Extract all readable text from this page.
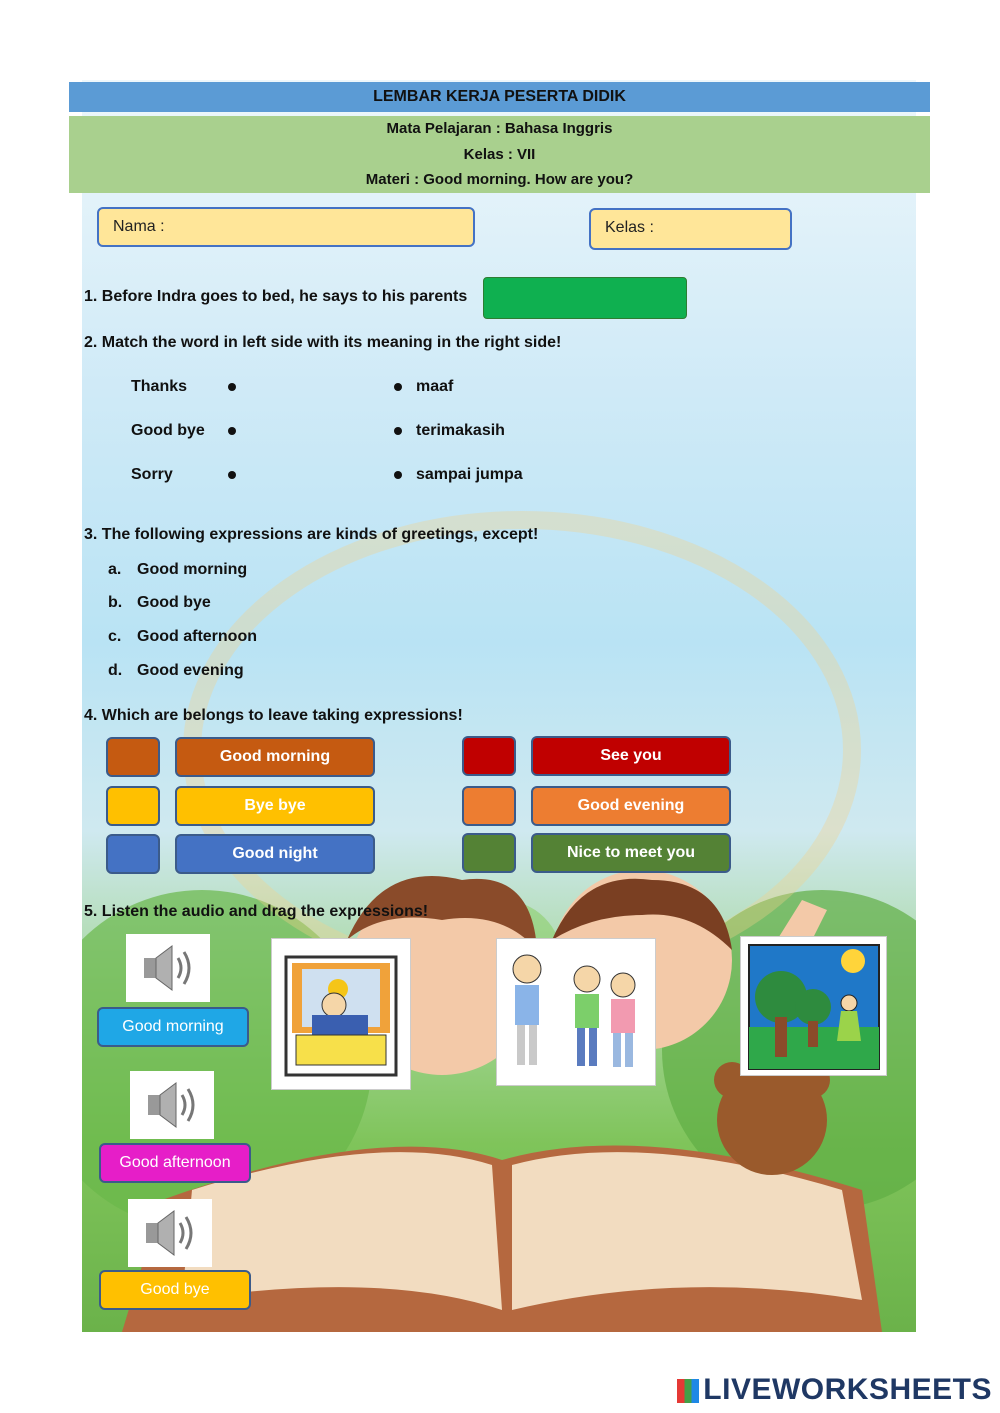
LEMBAR KERJA PESERTA DIDIK
Mata Pelajaran : Bahasa Inggris
Kelas : VII
Materi : Good morning. How are you?
Nama :	Kelas :
1. Before Indra goes to bed, he says to his parents
2. Match the word in left side with its meaning in the right side!
Thanks
Good bye
Sorry
maaf
terimakasih
sampai jumpa
3. The following expressions are kinds of greetings, except!
a. Good morning
b. Good bye
c. Good afternoon
d. Good evening
4. Which are belongs to leave taking expressions!
Good morning
Bye bye
Good night
See you
Good evening
Nice to meet you
5. Listen the audio and drag the expressions!
Good morning
Good afternoon
Good bye
LIVEWORKSHEETS
